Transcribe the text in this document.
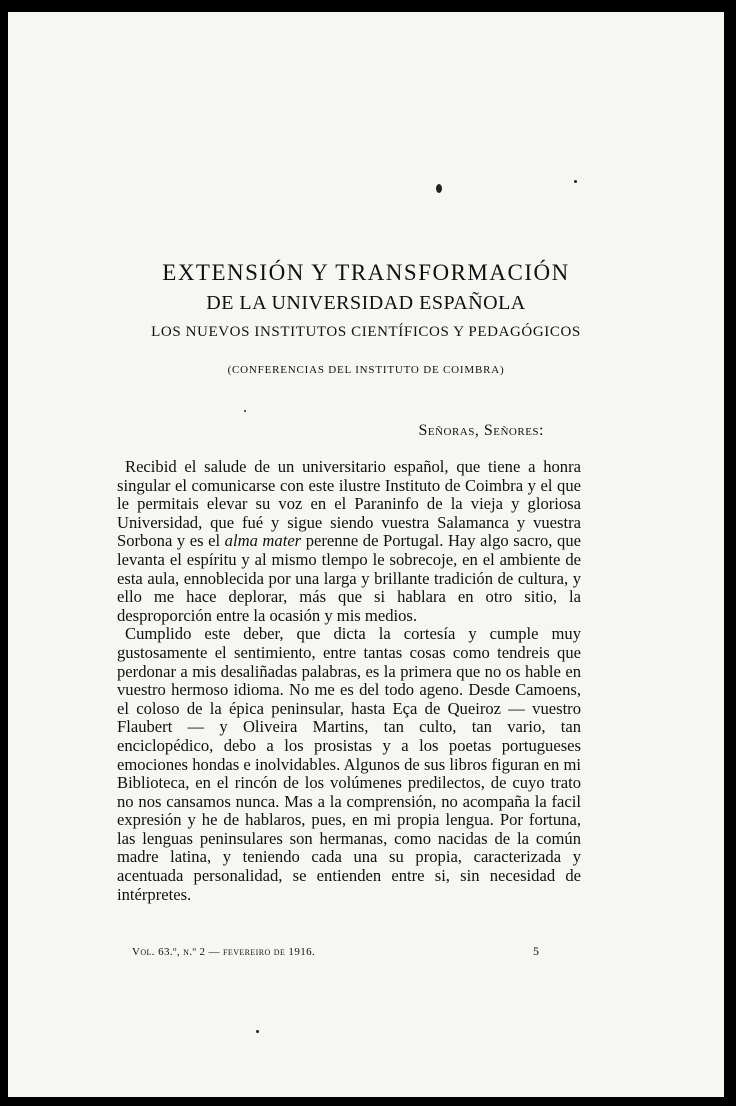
EXTENSIÓN Y TRANSFORMACIÓN
DE LA UNIVERSIDAD ESPAÑOLA
LOS NUEVOS INSTITUTOS CIENTÍFICOS Y PEDAGÓGICOS
(CONFERENCIAS DEL INSTITUTO DE COIMBRA)
Señoras, Señores:

Recibid el salude de un universitario español, que tiene a honra singular el comunicarse con este ilustre Instituto de Coimbra y el que le permitais elevar su voz en el Paraninfo de la vieja y gloriosa Universidad, que fué y sigue siendo vuestra Salamanca y vuestra Sorbona y es el alma mater perenne de Portugal. Hay algo sacro, que levanta el espíritu y al mismo tlempo le sobrecoje, en el ambiente de esta aula, ennoblecida por una larga y brillante tradición de cultura, y ello me hace deplorar, más que si hablara en otro sitio, la desproporción entre la ocasión y mis medios.

Cumplido este deber, que dicta la cortesía y cumple muy gustosamente el sentimiento, entre tantas cosas como tendreis que perdonar a mis desaliñadas palabras, es la primera que no os hable en vuestro hermoso idioma. No me es del todo ageno. Desde Camoens, el coloso de la épica peninsular, hasta Eça de Queiroz — vuestro Flaubert — y Oliveira Martins, tan culto, tan vario, tan enciclopédico, debo a los prosistas y a los poetas portugueses emociones hondas e inolvidables. Algunos de sus libros figuran en mi Biblioteca, en el rincón de los volúmenes predilectos, de cuyo trato no nos cansamos nunca. Mas a la comprensión, no acompaña la facil expresión y he de hablaros, pues, en mi propia lengua. Por fortuna, las lenguas peninsulares son hermanas, como nacidas de la común madre latina, y teniendo cada una su propia, caracterizada y acentuada personalidad, se entienden entre si, sin necesidad de intérpretes.

Vol. 63.º, n.º 2 — fevereiro de 1916.	5
